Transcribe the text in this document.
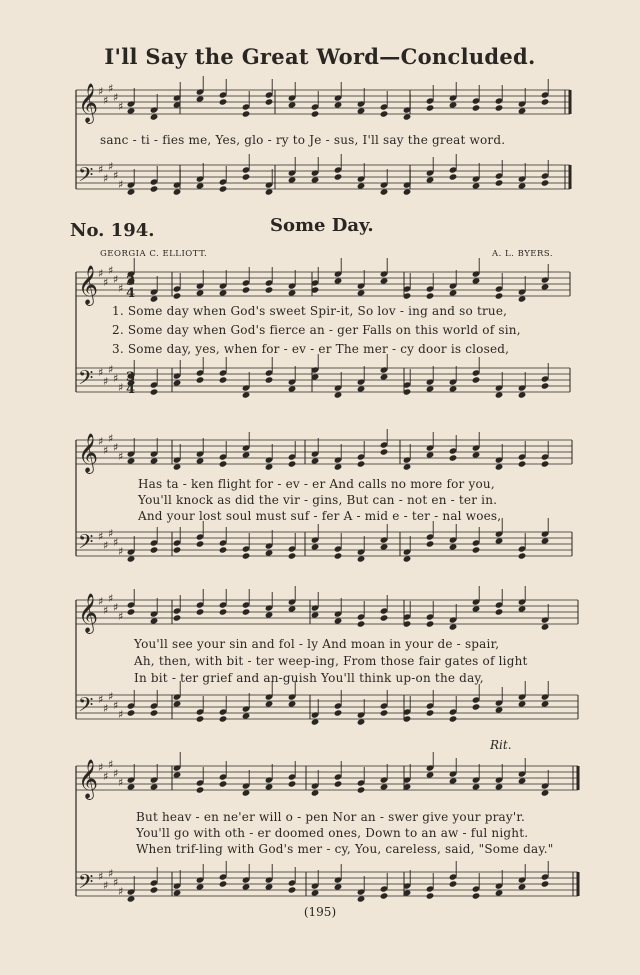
I'll Say the Great Word—Concluded.
No. 194.	Some Day.
GEORGIA C. ELLIOTT.	A. L. BYERS.
sanc - ti - fies me, Yes, glo - ry to Je - sus, I'll say the great word.
1. Some day when God's sweet Spir-it, So lov - ing and so true,
2. Some day when God's fierce an - ger Falls on this world of sin,
3. Some day, yes, when for - ev - er The mer - cy door is closed,
Has ta - ken flight for - ev - er And calls no more for you,
You'll knock as did the vir - gins, But can - not en - ter in.
And your lost soul must suf - fer A - mid e - ter - nal woes,
You'll see your sin and fol - ly And moan in your de - spair,
Ah, then, with bit - ter weep-ing, From those fair gates of light
In bit - ter grief and an-guish You'll think up-on the day,
But heav - en ne'er will o - pen Nor an - swer give your pray'r.
You'll go with oth - er doomed ones, Down to an aw - ful night.
When trif-ling with God's mer - cy, You, careless, said, "Some day."
Rit.
(195)
𝄞
𝄢
♯
♯
♯
♯
♯
♯
♯
♯
♯
♯
𝄞
𝄢
♯
♯
♯
♯
♯
♯
♯
♯
♯
♯
𝄞
𝄢
♯
♯
♯
♯
♯
♯
♯
♯
♯
♯
𝄞
𝄢
♯
♯
♯
♯
♯
♯
♯
♯
♯
♯
𝄞
𝄢
♯
♯
♯
♯
♯
♯
♯
♯
♯
♯
3
4
3
4
